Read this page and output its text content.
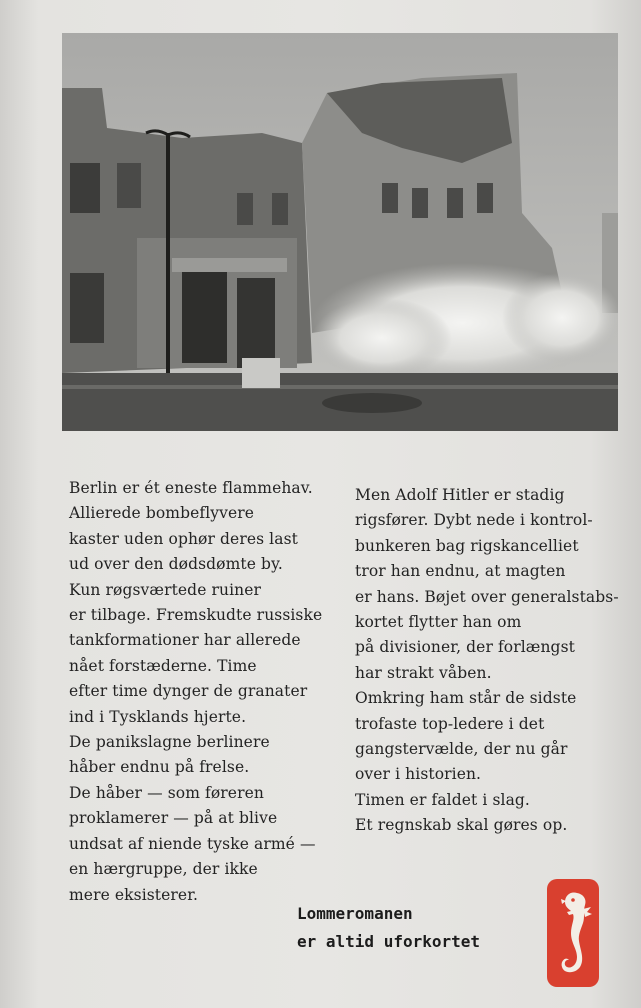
Berlin er ét eneste flammehav.

Allierede bombeflyvere

kaster uden ophør deres last

ud over den dødsdømte by.

Kun røgsværtede ruiner

er tilbage. Fremskudte russiske

tankformationer har allerede

nået forstæderne. Time

efter time dynger de granater

ind i Tysklands hjerte.

De panikslagne berlinere

håber endnu på frelse.

De håber — som føreren

proklamerer — på at blive

undsat af niende tyske armé —

en hærgruppe, der ikke

mere eksisterer.

Men Adolf Hitler er stadig

rigsfører. Dybt nede i kontrol-

bunkeren bag rigskancelliet

tror han endnu, at magten

er hans. Bøjet over generalstabs-

kortet flytter han om

på divisioner, der forlængst

har strakt våben.

Omkring ham står de sidste

trofaste top-ledere i det

gangstervælde, der nu går

over i historien.

Timen er faldet i slag.

Et regnskab skal gøres op.

Lommeromanen

er altid uforkortet
